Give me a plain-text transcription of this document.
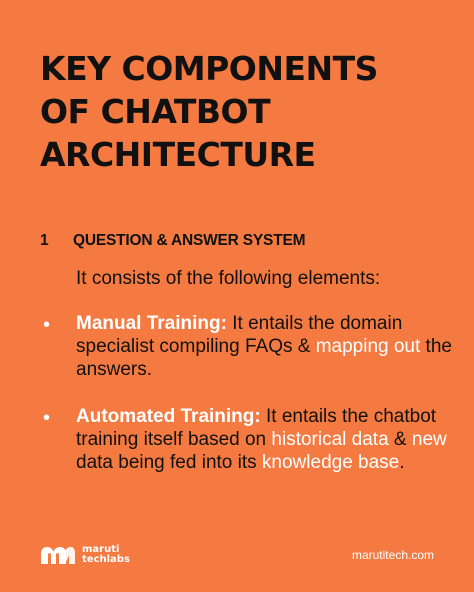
KEY COMPONENTS
OF CHATBOT
ARCHITECTURE
1	QUESTION & ANSWER SYSTEM
It consists of the following elements:
• Manual Training: It entails the domain specialist compiling FAQs & mapping out the answers.
• Automated Training: It entails the chatbot training itself based on historical data & new data being fed into its knowledge base.
maruti
techlabs	marutitech.com
